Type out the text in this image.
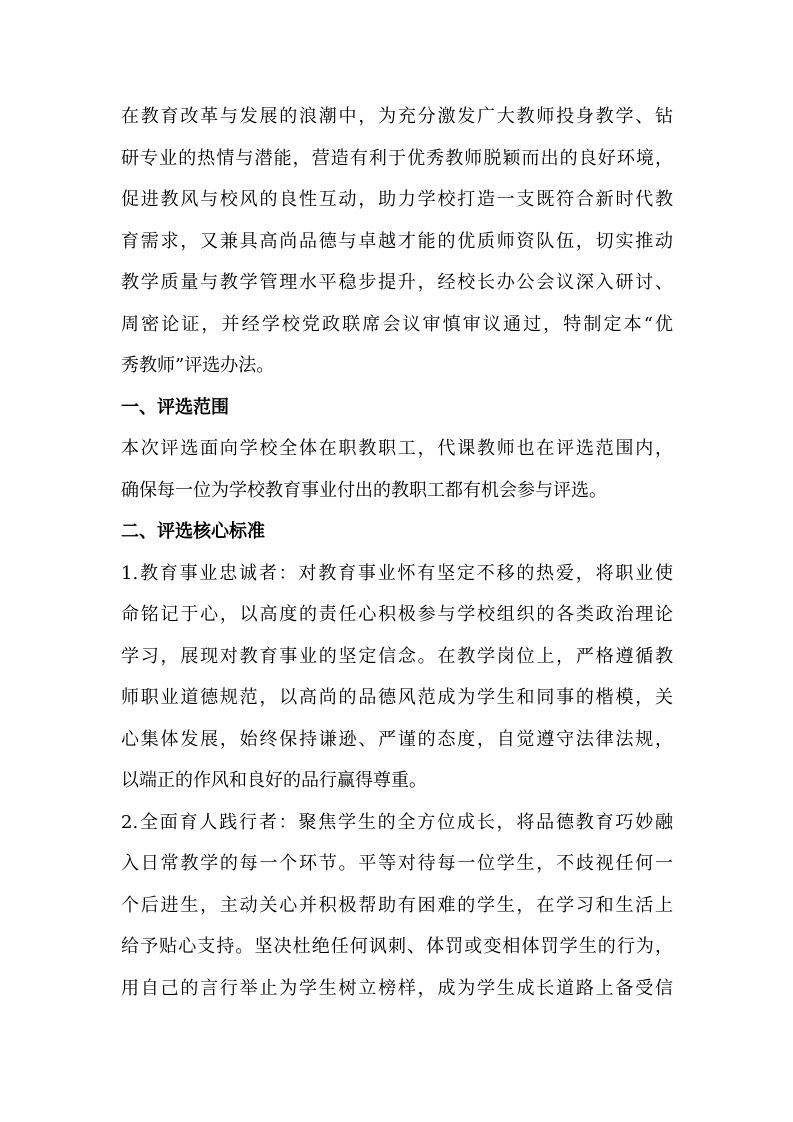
在教育改革与发展的浪潮中，为充分激发广大教师投身教学、钻
研专业的热情与潜能，营造有利于优秀教师脱颖而出的良好环境，
促进教风与校风的良性互动，助力学校打造一支既符合新时代教
育需求，又兼具高尚品德与卓越才能的优质师资队伍，切实推动
教学质量与教学管理水平稳步提升，经校长办公会议深入研讨、
周密论证，并经学校党政联席会议审慎审议通过，特制定本“优
秀教师”评选办法。
一、评选范围
本次评选面向学校全体在职教职工，代课教师也在评选范围内，
确保每一位为学校教育事业付出的教职工都有机会参与评选。
二、评选核心标准
1.教育事业忠诚者：对教育事业怀有坚定不移的热爱，将职业使
命铭记于心，以高度的责任心积极参与学校组织的各类政治理论
学习，展现对教育事业的坚定信念。在教学岗位上，严格遵循教
师职业道德规范，以高尚的品德风范成为学生和同事的楷模，关
心集体发展，始终保持谦逊、严谨的态度，自觉遵守法律法规，
以端正的作风和良好的品行赢得尊重。
2.全面育人践行者：聚焦学生的全方位成长，将品德教育巧妙融
入日常教学的每一个环节。平等对待每一位学生，不歧视任何一
个后进生，主动关心并积极帮助有困难的学生，在学习和生活上
给予贴心支持。坚决杜绝任何讽刺、体罚或变相体罚学生的行为，
用自己的言行举止为学生树立榜样，成为学生成长道路上备受信
